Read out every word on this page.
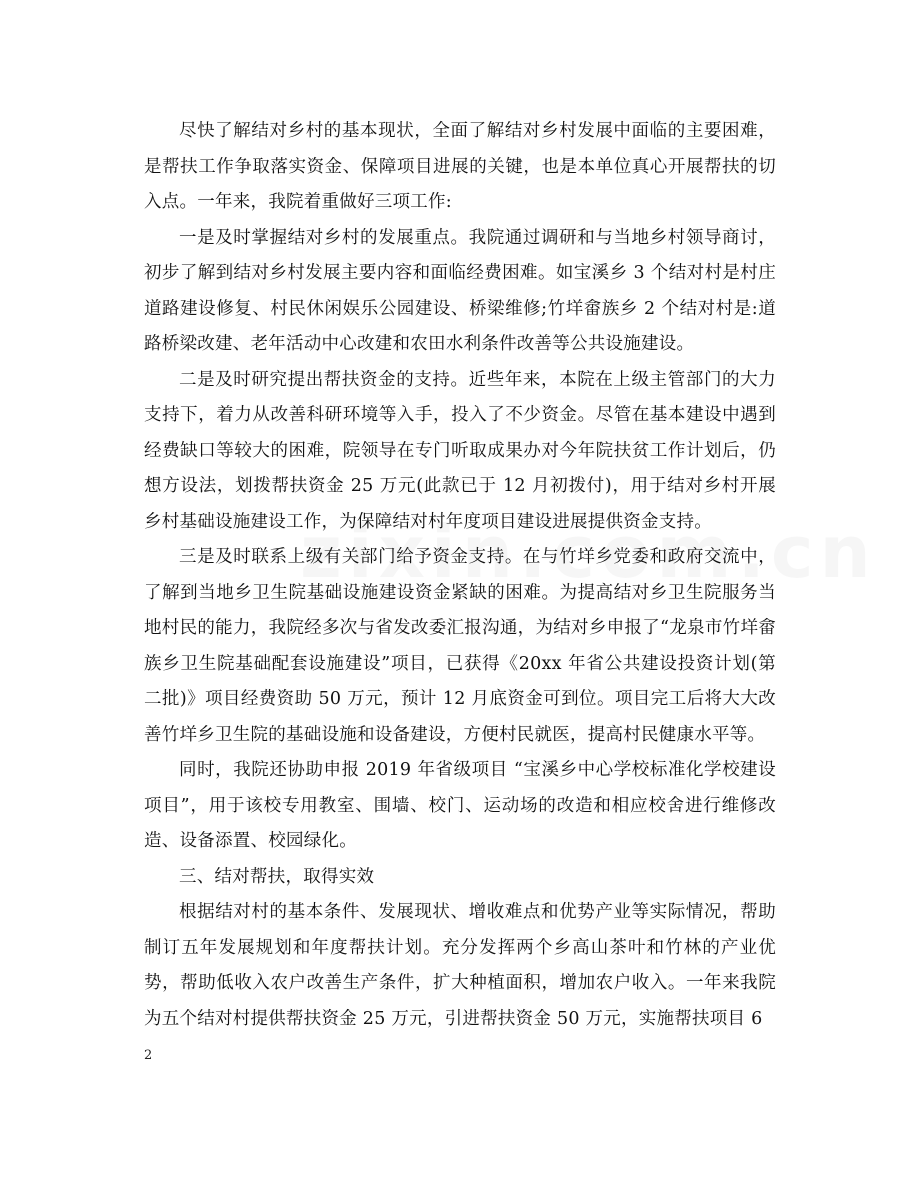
尽快了解结对乡村的基本现状，全面了解结对乡村发展中面临的主要困难，是帮扶工作争取落实资金、保障项目进展的关键，也是本单位真心开展帮扶的切入点。一年来，我院着重做好三项工作:

一是及时掌握结对乡村的发展重点。我院通过调研和与当地乡村领导商讨，初步了解到结对乡村发展主要内容和面临经费困难。如宝溪乡 3 个结对村是村庄道路建设修复、村民休闲娱乐公园建设、桥梁维修;竹垟畲族乡 2 个结对村是:道路桥梁改建、老年活动中心改建和农田水利条件改善等公共设施建设。

二是及时研究提出帮扶资金的支持。近些年来，本院在上级主管部门的大力支持下，着力从改善科研环境等入手，投入了不少资金。尽管在基本建设中遇到经费缺口等较大的困难，院领导在专门听取成果办对今年院扶贫工作计划后，仍想方设法，划拨帮扶资金 25 万元(此款已于 12 月初拨付)，用于结对乡村开展乡村基础设施建设工作，为保障结对村年度项目建设进展提供资金支持。

三是及时联系上级有关部门给予资金支持。在与竹垟乡党委和政府交流中，了解到当地乡卫生院基础设施建设资金紧缺的困难。为提高结对乡卫生院服务当地村民的能力，我院经多次与省发改委汇报沟通，为结对乡申报了“龙泉市竹垟畲族乡卫生院基础配套设施建设”项目，已获得《20xx 年省公共建设投资计划(第二批)》项目经费资助 50 万元，预计 12 月底资金可到位。项目完工后将大大改善竹垟乡卫生院的基础设施和设备建设，方便村民就医，提高村民健康水平等。

同时，我院还协助申报 2019 年省级项目 “宝溪乡中心学校标准化学校建设项目”，用于该校专用教室、围墙、校门、运动场的改造和相应校舍进行维修改造、设备添置、校园绿化。

三、结对帮扶，取得实效

根据结对村的基本条件、发展现状、增收难点和优势产业等实际情况，帮助制订五年发展规划和年度帮扶计划。充分发挥两个乡高山茶叶和竹林的产业优势，帮助低收入农户改善生产条件，扩大种植面积，增加农户收入。一年来我院为五个结对村提供帮扶资金 25 万元，引进帮扶资金 50 万元，实施帮扶项目 6

2
